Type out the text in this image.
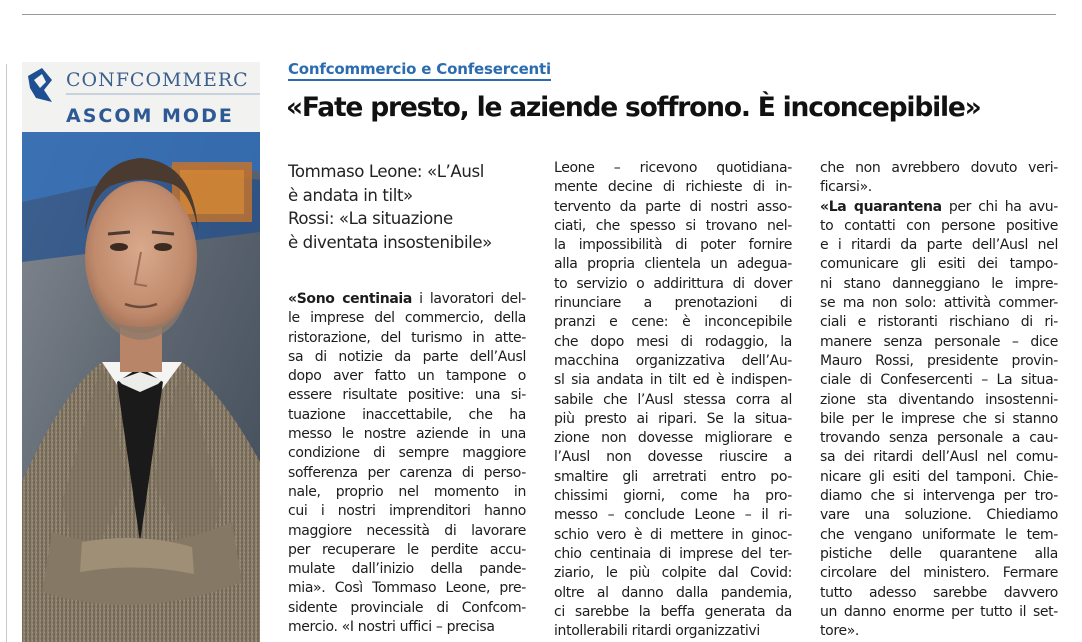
CONFCOMMERC
ASCOM MODE
Confcommercio e Confesercenti
«Fate presto, le aziende soffrono. È inconcepibile»
Tommaso Leone: «L’Ausl
è andata in tilt»
Rossi: «La situazione
è diventata insostenibile»
«Sono centinaia i lavoratori del-
le imprese del commercio, della
ristorazione, del turismo in atte-
sa di notizie da parte dell’Ausl
dopo aver fatto un tampone o
essere risultate positive: una si-
tuazione inaccettabile, che ha
messo le nostre aziende in una
condizione di sempre maggiore
sofferenza per carenza di perso-
nale, proprio nel momento in
cui i nostri imprenditori hanno
maggiore necessità di lavorare
per recuperare le perdite accu-
mulate dall’inizio della pande-
mia». Così Tommaso Leone, pre-
sidente provinciale di Confcom-
mercio. «I nostri uffici – precisa
Leone – ricevono quotidiana-
mente decine di richieste di in-
tervento da parte di nostri asso-
ciati, che spesso si trovano nel-
la impossibilità di poter fornire
alla propria clientela un adegua-
to servizio o addirittura di dover
rinunciare a prenotazioni di
pranzi e cene: è inconcepibile
che dopo mesi di rodaggio, la
macchina organizzativa dell’Au-
sl sia andata in tilt ed è indispen-
sabile che l’Ausl stessa corra al
più presto ai ripari. Se la situa-
zione non dovesse migliorare e
l’Ausl non dovesse riuscire a
smaltire gli arretrati entro po-
chissimi giorni, come ha pro-
messo – conclude Leone – il ri-
schio vero è di mettere in ginoc-
chio centinaia di imprese del ter-
ziario, le più colpite dal Covid:
oltre al danno dalla pandemia,
ci sarebbe la beffa generata da
intollerabili ritardi organizzativi
che non avrebbero dovuto veri-
ficarsi».
«La quarantena per chi ha avu-
to contatti con persone positive
e i ritardi da parte dell’Ausl nel
comunicare gli esiti dei tampo-
ni stano danneggiano le impre-
se ma non solo: attività commer-
ciali e ristoranti rischiano di ri-
manere senza personale – dice
Mauro Rossi, presidente provin-
ciale di Confesercenti – La situa-
zione sta diventando insostenni-
bile per le imprese che si stanno
trovando senza personale a cau-
sa dei ritardi dell’Ausl nel comu-
nicare gli esiti del tamponi. Chie-
diamo che si intervenga per tro-
vare una soluzione. Chiediamo
che vengano uniformate le tem-
pistiche delle quarantene alla
circolare del ministero. Fermare
tutto adesso sarebbe davvero
un danno enorme per tutto il set-
tore».
